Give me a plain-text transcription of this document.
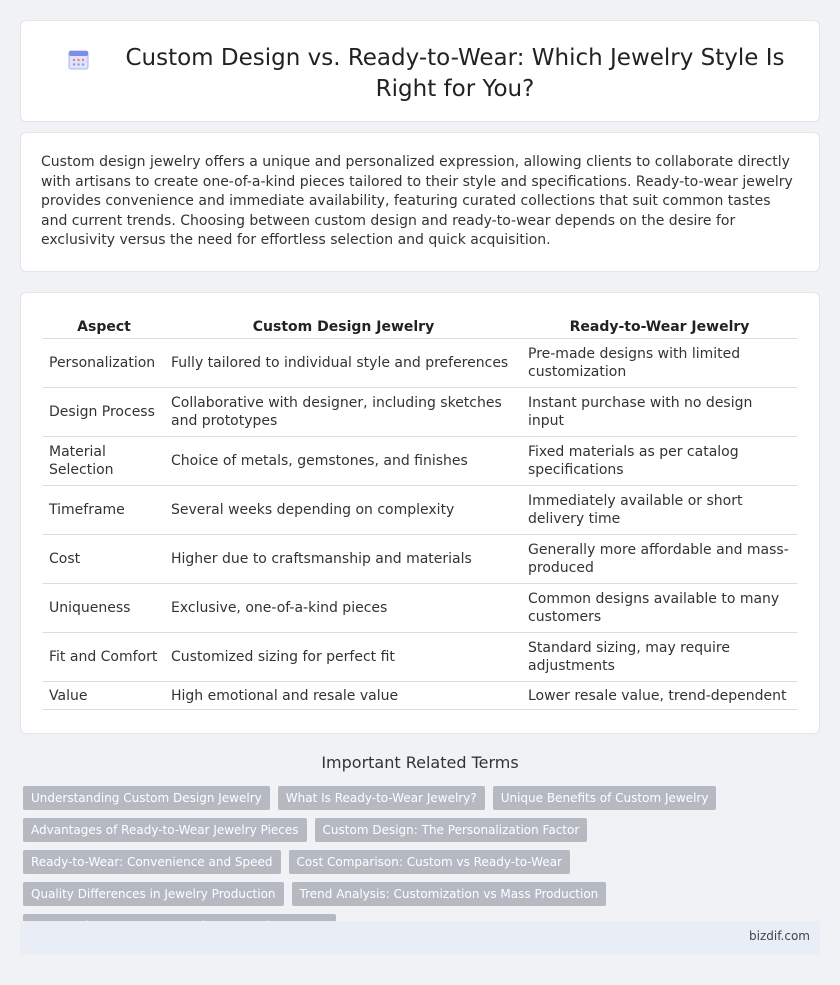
Custom Design vs. Ready-to-Wear: Which Jewelry Style Is Right for You?

Custom design jewelry offers a unique and personalized expression, allowing clients to collaborate directly with artisans to create one-of-a-kind pieces tailored to their style and specifications. Ready-to-wear jewelry provides convenience and immediate availability, featuring curated collections that suit common tastes and current trends. Choosing between custom design and ready-to-wear depends on the desire for exclusivity versus the need for effortless selection and quick acquisition.

Aspect	Custom Design Jewelry	Ready-to-Wear Jewelry
Personalization	Fully tailored to individual style and preferences	Pre-made designs with limited customization
Design Process	Collaborative with designer, including sketches and prototypes	Instant purchase with no design input
Material Selection	Choice of metals, gemstones, and finishes	Fixed materials as per catalog specifications
Timeframe	Several weeks depending on complexity	Immediately available or short delivery time
Cost	Higher due to craftsmanship and materials	Generally more affordable and mass-produced
Uniqueness	Exclusive, one-of-a-kind pieces	Common designs available to many customers
Fit and Comfort	Customized sizing for perfect fit	Standard sizing, may require adjustments
Value	High emotional and resale value	Lower resale value, trend-dependent
Important Related Terms
Understanding Custom Design Jewelry	What Is Ready-to-Wear Jewelry?	Unique Benefits of Custom Jewelry
Advantages of Ready-to-Wear Jewelry Pieces	Custom Design: The Personalization Factor
Ready-to-Wear: Convenience and Speed	Cost Comparison: Custom vs Ready-to-Wear
Quality Differences in Jewelry Production	Trend Analysis: Customization vs Mass Production
bizdif.com
